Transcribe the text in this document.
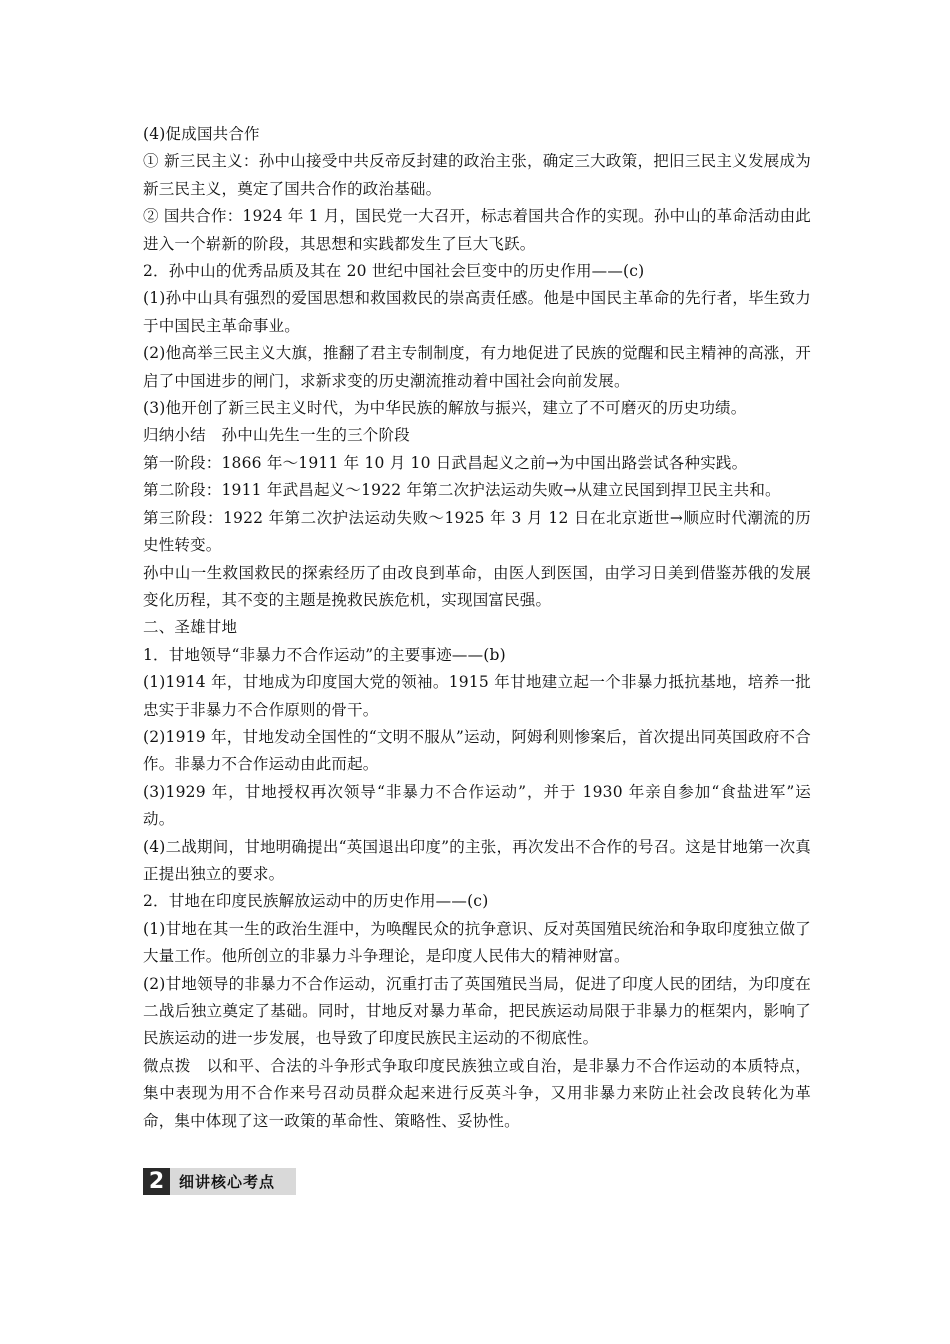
(4)促成国共合作

① 新三民主义：孙中山接受中共反帝反封建的政治主张，确定三大政策，把旧三民主义发展成为新三民主义，奠定了国共合作的政治基础。

② 国共合作：1924 年 1 月，国民党一大召开，标志着国共合作的实现。孙中山的革命活动由此进入一个崭新的阶段，其思想和实践都发生了巨大飞跃。

2．孙中山的优秀品质及其在 20 世纪中国社会巨变中的历史作用——(c)

(1)孙中山具有强烈的爱国思想和救国救民的崇高责任感。他是中国民主革命的先行者，毕生致力于中国民主革命事业。

(2)他高举三民主义大旗，推翻了君主专制制度，有力地促进了民族的觉醒和民主精神的高涨，开启了中国进步的闸门，求新求变的历史潮流推动着中国社会向前发展。

(3)他开创了新三民主义时代，为中华民族的解放与振兴，建立了不可磨灭的历史功绩。

归纳小结　孙中山先生一生的三个阶段

第一阶段：1866 年～1911 年 10 月 10 日武昌起义之前→为中国出路尝试各种实践。

第二阶段：1911 年武昌起义～1922 年第二次护法运动失败→从建立民国到捍卫民主共和。

第三阶段：1922 年第二次护法运动失败～1925 年 3 月 12 日在北京逝世→顺应时代潮流的历史性转变。

孙中山一生救国救民的探索经历了由改良到革命，由医人到医国，由学习日美到借鉴苏俄的发展变化历程，其不变的主题是挽救民族危机，实现国富民强。

二、圣雄甘地

1．甘地领导“非暴力不合作运动”的主要事迹——(b)

(1)1914 年，甘地成为印度国大党的领袖。1915 年甘地建立起一个非暴力抵抗基地，培养一批忠实于非暴力不合作原则的骨干。

(2)1919 年，甘地发动全国性的“文明不服从”运动，阿姆利则惨案后，首次提出同英国政府不合作。非暴力不合作运动由此而起。

(3)1929 年，甘地授权再次领导“非暴力不合作运动”，并于 1930 年亲自参加“食盐进军”运动。

(4)二战期间，甘地明确提出“英国退出印度”的主张，再次发出不合作的号召。这是甘地第一次真正提出独立的要求。

2．甘地在印度民族解放运动中的历史作用——(c)

(1)甘地在其一生的政治生涯中，为唤醒民众的抗争意识、反对英国殖民统治和争取印度独立做了大量工作。他所创立的非暴力斗争理论，是印度人民伟大的精神财富。

(2)甘地领导的非暴力不合作运动，沉重打击了英国殖民当局，促进了印度人民的团结，为印度在二战后独立奠定了基础。同时，甘地反对暴力革命，把民族运动局限于非暴力的框架内，影响了民族运动的进一步发展，也导致了印度民族民主运动的不彻底性。

微点拨　以和平、合法的斗争形式争取印度民族独立或自治，是非暴力不合作运动的本质特点，集中表现为用不合作来号召动员群众起来进行反英斗争，又用非暴力来防止社会改良转化为革命，集中体现了这一政策的革命性、策略性、妥协性。

2 细讲核心考点
